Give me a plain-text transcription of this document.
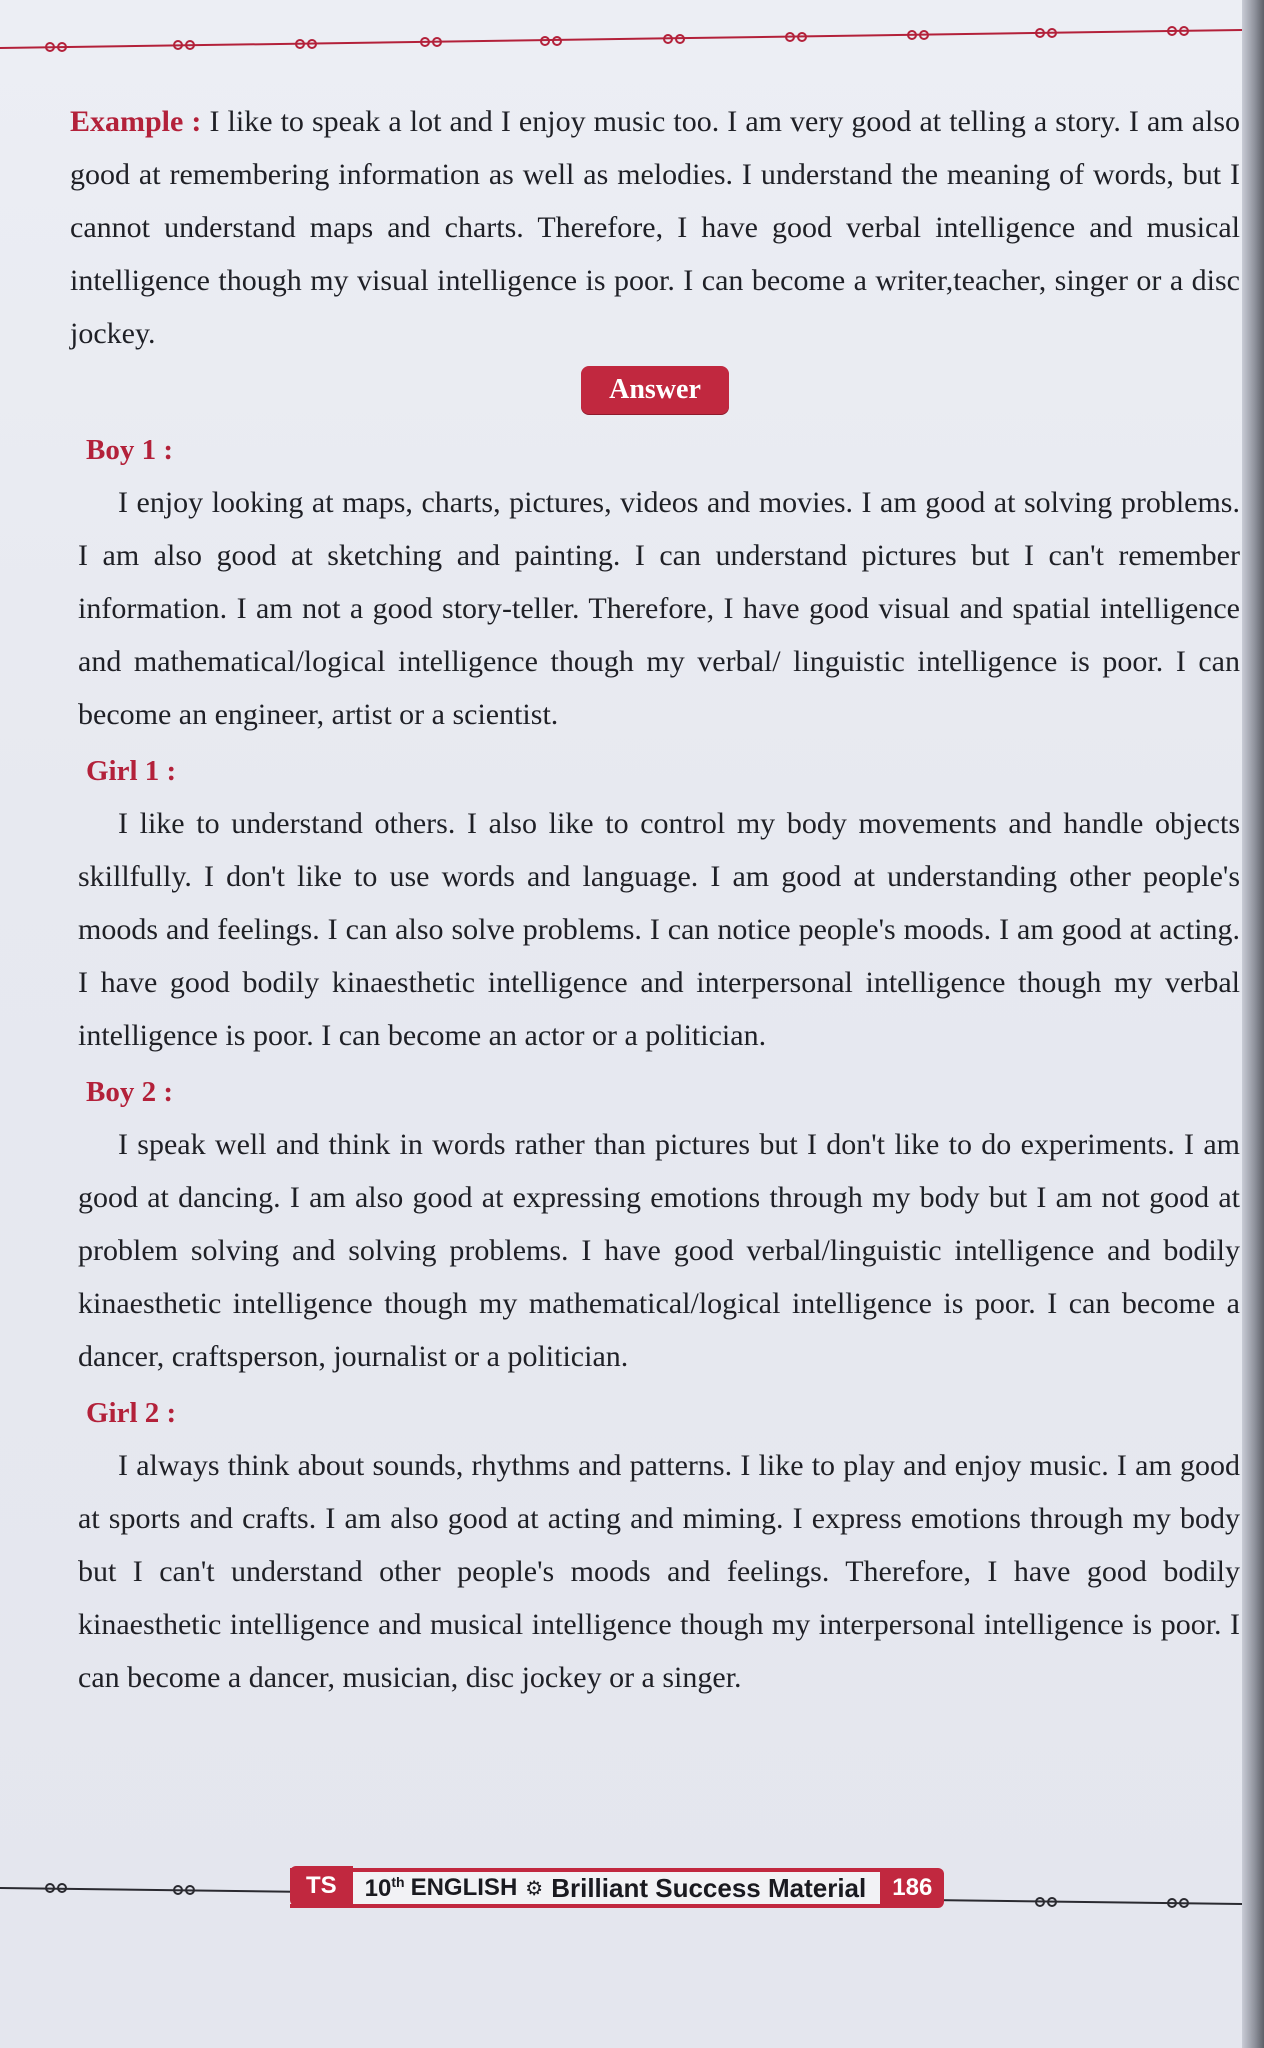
Example : I like to speak a lot and I enjoy music too. I am very good at telling a story. I am also good at remembering information as well as melodies. I understand the meaning of words, but I cannot understand maps and charts. Therefore, I have good verbal intelligence and musical intelligence though my visual intelligence is poor. I can become a writer,teacher, singer or a disc jockey.

Answer
Boy 1 :

I enjoy looking at maps, charts, pictures, videos and movies. I am good at solving problems. I am also good at sketching and painting. I can understand pictures but I can't remember information. I am not a good story-teller. Therefore, I have good visual and spatial intelligence and mathematical/logical intelligence though my verbal/ linguistic intelligence is poor. I can become an engineer, artist or a scientist.

Girl 1 :

I like to understand others. I also like to control my body movements and handle objects skillfully. I don't like to use words and language. I am good at understanding other people's moods and feelings. I can also solve problems. I can notice people's moods. I am good at acting. I have good bodily kinaesthetic intelligence and interpersonal intelligence though my verbal intelligence is poor. I can become an actor or a politician.

Boy 2 :

I speak well and think in words rather than pictures but I don't like to do experiments. I am good at dancing. I am also good at expressing emotions through my body but I am not good at problem solving and solving problems. I have good verbal/linguistic intelligence and bodily kinaesthetic intelligence though my mathematical/logical intelligence is poor. I can become a dancer, craftsperson, journalist or a politician.

Girl 2 :

I always think about sounds, rhythms and patterns. I like to play and enjoy music. I am good at sports and crafts. I am also good at acting and miming. I express emotions through my body but I can't understand other people's moods and feelings. Therefore, I have good bodily kinaesthetic intelligence and musical intelligence though my interpersonal intelligence is poor. I can become a dancer, musician, disc jockey or a singer.

TS	10th ENGLISH ⚙ Brilliant Success Material	186
